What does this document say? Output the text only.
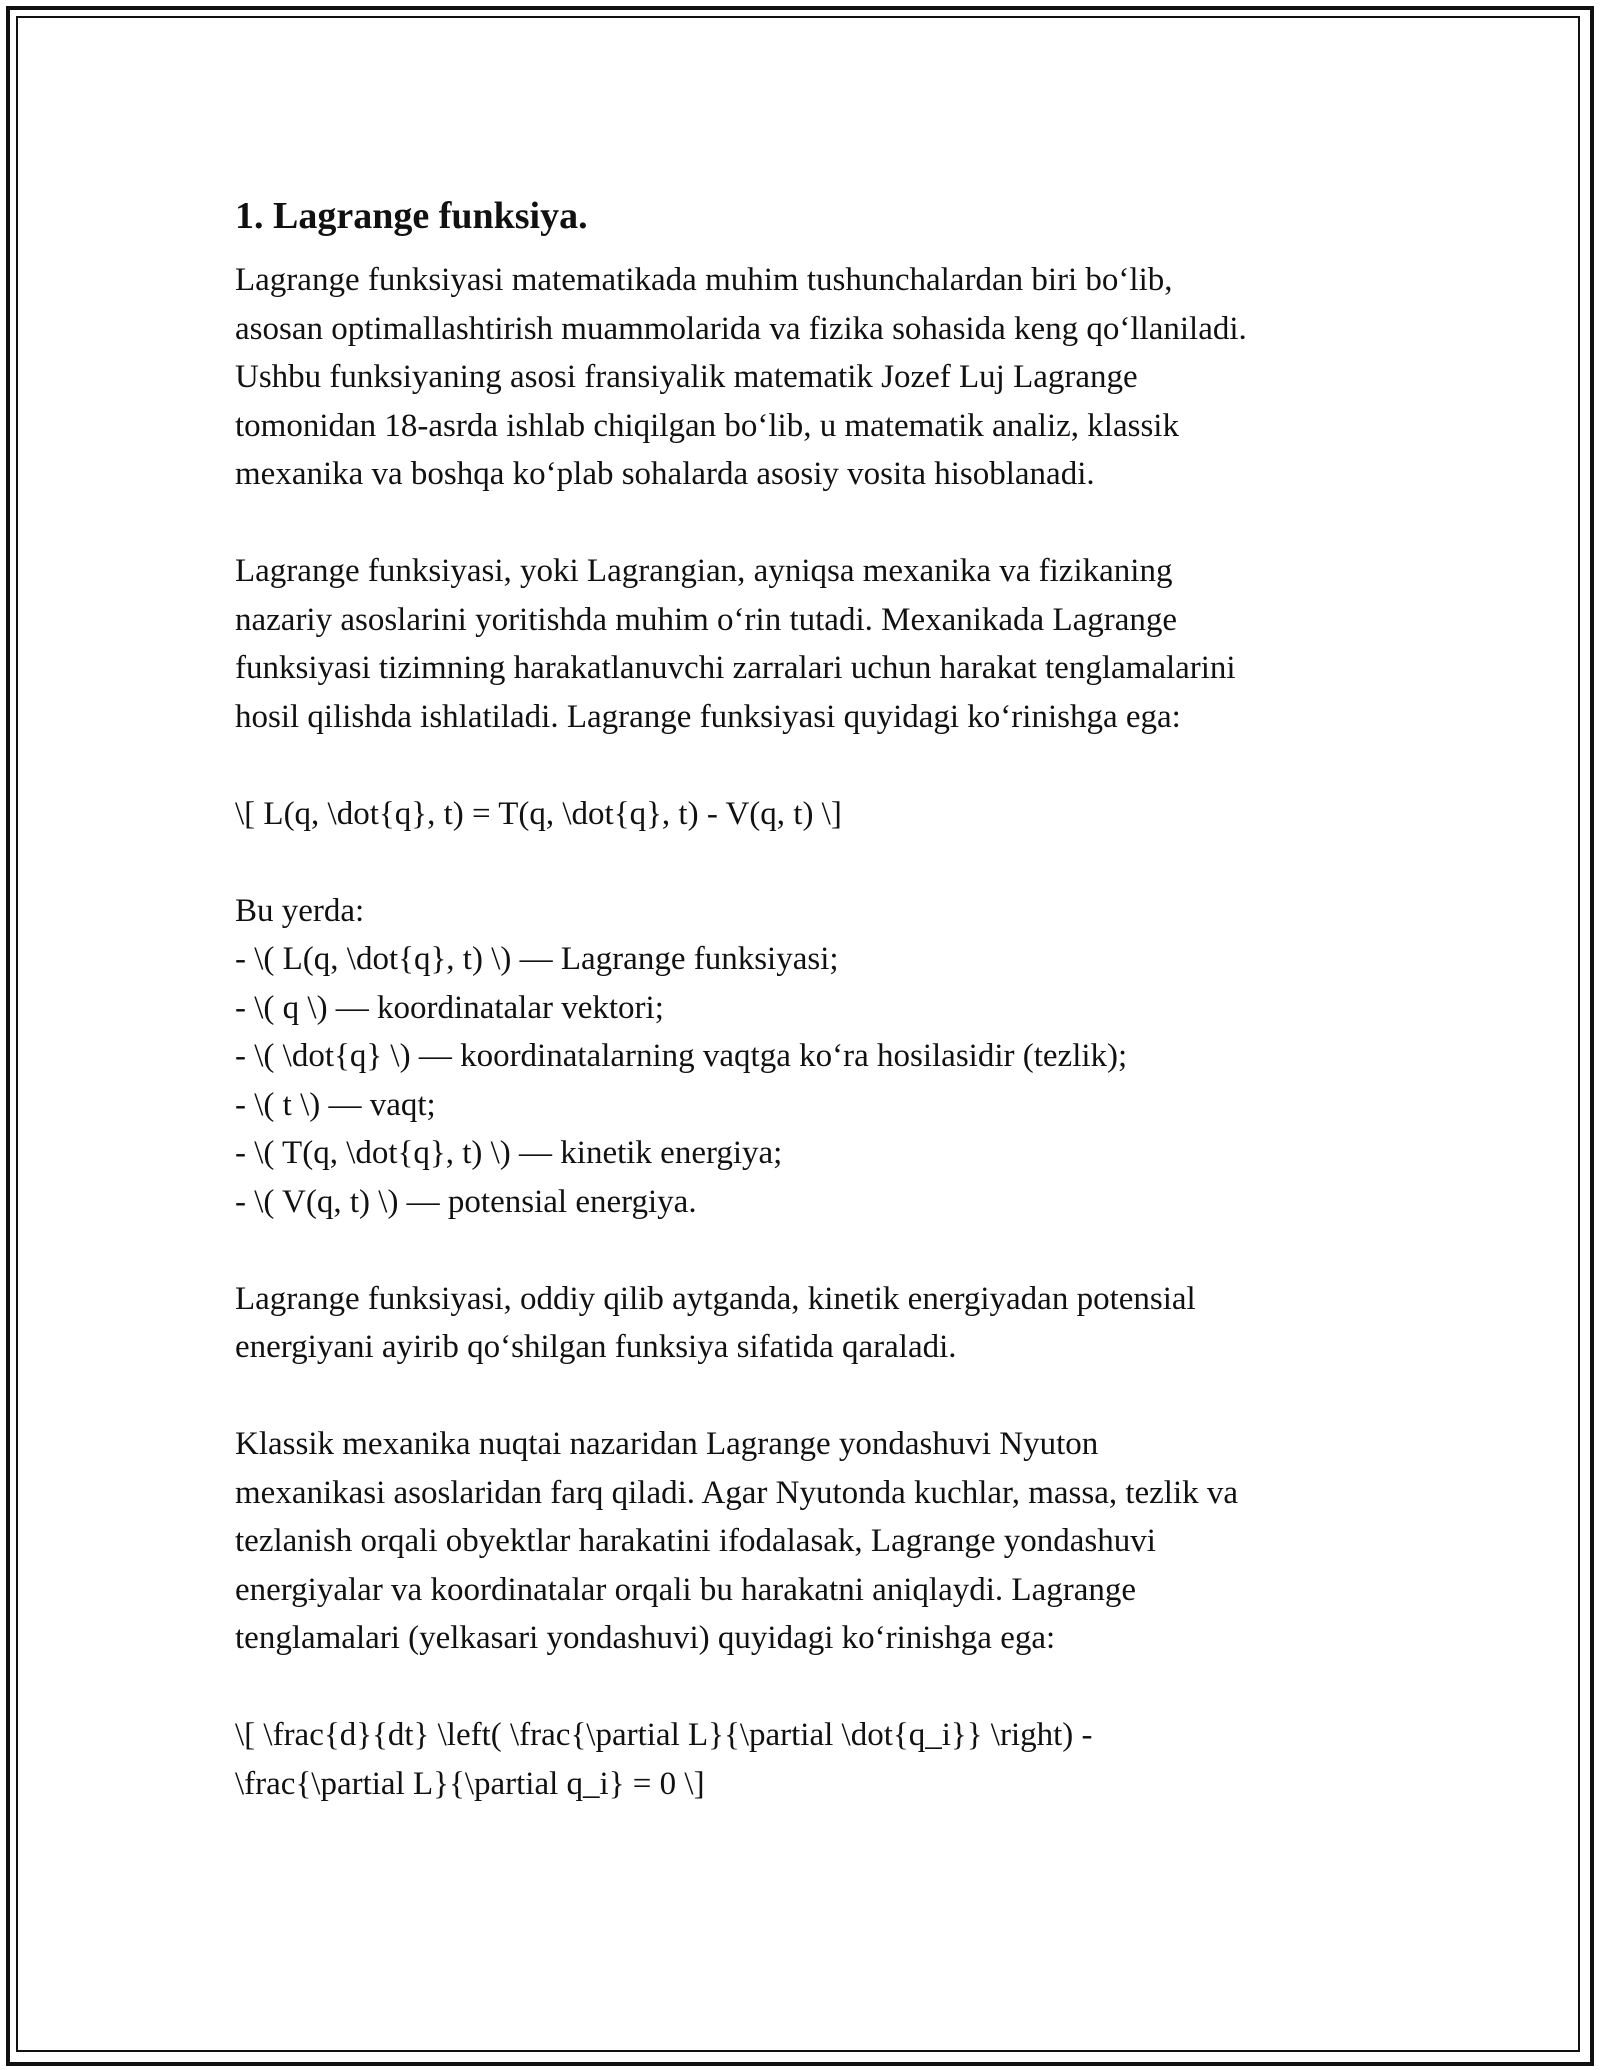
1. Lagrange funksiya.
Lagrange funksiyasi matematikada muhim tushunchalardan biri bo‘lib,
asosan optimallashtirish muammolarida va fizika sohasida keng qo‘llaniladi.
Ushbu funksiyaning asosi fransiyalik matematik Jozef Luj Lagrange
tomonidan 18-asrda ishlab chiqilgan bo‘lib, u matematik analiz, klassik
mexanika va boshqa ko‘plab sohalarda asosiy vosita hisoblanadi.
Lagrange funksiyasi, yoki Lagrangian, ayniqsa mexanika va fizikaning
nazariy asoslarini yoritishda muhim o‘rin tutadi. Mexanikada Lagrange
funksiyasi tizimning harakatlanuvchi zarralari uchun harakat tenglamalarini
hosil qilishda ishlatiladi. Lagrange funksiyasi quyidagi ko‘rinishga ega:
\[ L(q, \dot{q}, t) = T(q, \dot{q}, t) - V(q, t) \]
Bu yerda:
- \( L(q, \dot{q}, t) \) — Lagrange funksiyasi;
- \( q \) — koordinatalar vektori;
- \( \dot{q} \) — koordinatalarning vaqtga ko‘ra hosilasidir (tezlik);
- \( t \) — vaqt;
- \( T(q, \dot{q}, t) \) — kinetik energiya;
- \( V(q, t) \) — potensial energiya.
Lagrange funksiyasi, oddiy qilib aytganda, kinetik energiyadan potensial
energiyani ayirib qo‘shilgan funksiya sifatida qaraladi.
Klassik mexanika nuqtai nazaridan Lagrange yondashuvi Nyuton
mexanikasi asoslaridan farq qiladi. Agar Nyutonda kuchlar, massa, tezlik va
tezlanish orqali obyektlar harakatini ifodalasak, Lagrange yondashuvi
energiyalar va koordinatalar orqali bu harakatni aniqlaydi. Lagrange
tenglamalari (yelkasari yondashuvi) quyidagi ko‘rinishga ega:
\[ \frac{d}{dt} \left( \frac{\partial L}{\partial \dot{q_i}} \right) -
\frac{\partial L}{\partial q_i} = 0 \]
